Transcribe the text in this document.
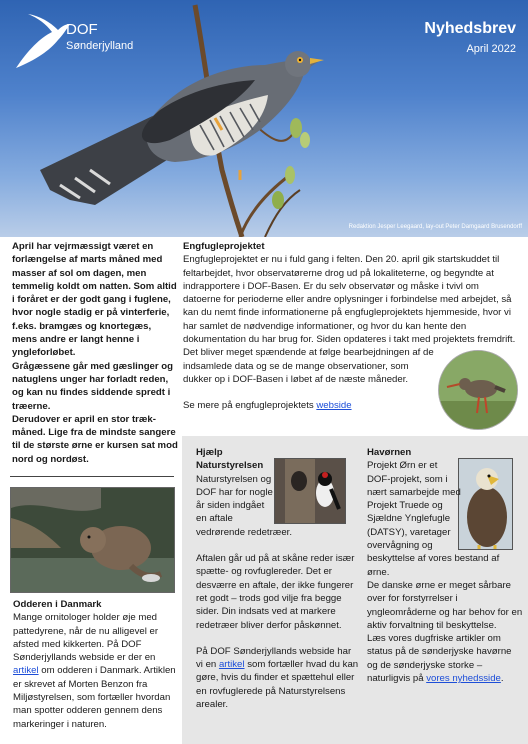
DOF
Sønderjylland
Nyhedsbrev
April 2022
Redaktion Jesper Leegaard, lay-out Peter Damgaard Brusendorff

April har vejrmæssigt været en forlængelse af marts måned med masser af sol om dagen, men temmelig koldt om natten. Som altid i foråret er der godt gang i fuglene, hvor nogle stadig er på vinterferie, f.eks. bramgæs og knortegæs, mens andre er langt henne i yngleforløbet.

Grågæssene går med gæslinger og natuglens unger har forladt reden, og kan nu findes siddende spredt i træerne.

Derudover er april en stor træk-måned. Lige fra de mindste sangere til de største ørne er kursen sat mod nord og nordøst.

Odderen i Danmark
Mange ornitologer holder øje med pattedyrene, når de nu alligevel er afsted med kikkerten. På DOF Sønderjyllands webside er der en artikel om odderen i Danmark. Artiklen er skrevet af Morten Benzon fra Miljøstyrelsen, som fortæller hvordan man spotter odderen gennem dens markeringer i naturen.
Engfugleprojektet

Engfugleprojektet er nu i fuld gang i felten. Den 20. april gik startskuddet til feltarbejdet, hvor observatørerne drog ud på lokaliteterne, og begyndte at indrapportere i DOF-Basen. Er du selv observatør og måske i tvivl om datoerne for perioderne eller andre oplysninger i forbindelse med arbejdet, så kan du nemt finde informationerne på engfugleprojektets hjemmeside, hvor vi har samlet de nødvendige informationer, og hvor du kan hente den dokumentation du har brug for. Siden opdateres i takt med projektets fremdrift.

Det bliver meget spændende at følge bearbejdningen af de indsamlede data og se de mange observationer, som dukker op i DOF-Basen i løbet af de næste måneder.

Se mere på engfugleprojektets webside

Hjælp Naturstyrelsen

Naturstyrelsen og DOF har for nogle år siden indgået en aftale vedrørende redetræer.

Aftalen går ud på at skåne reder især spætte- og rovfuglereder. Det er desværre en aftale, der ikke fungerer ret godt – trods god vilje fra begge sider. Din indsats ved at markere redetræer bliver derfor påskønnet.

På DOF Sønderjyllands webside har vi en artikel som fortæller hvad du kan gøre, hvis du finder et spættehul eller en rovfuglerede på Naturstyrelsens arealer.

Havørnen

Projekt Ørn er et DOF-projekt, som i nært samarbejde med Projekt Truede og Sjældne Ynglefugle (DATSY), varetager overvågning og beskyttelse af vores bestand af ørne.

De danske ørne er meget sårbare over for forstyrrelser i yngleområderne og har behov for en aktiv forvaltning til beskyttelse.

Læs vores dugfriske artikler om status på de sønderjyske havørne og de sønderjyske storke – naturligvis på vores nyhedsside.
